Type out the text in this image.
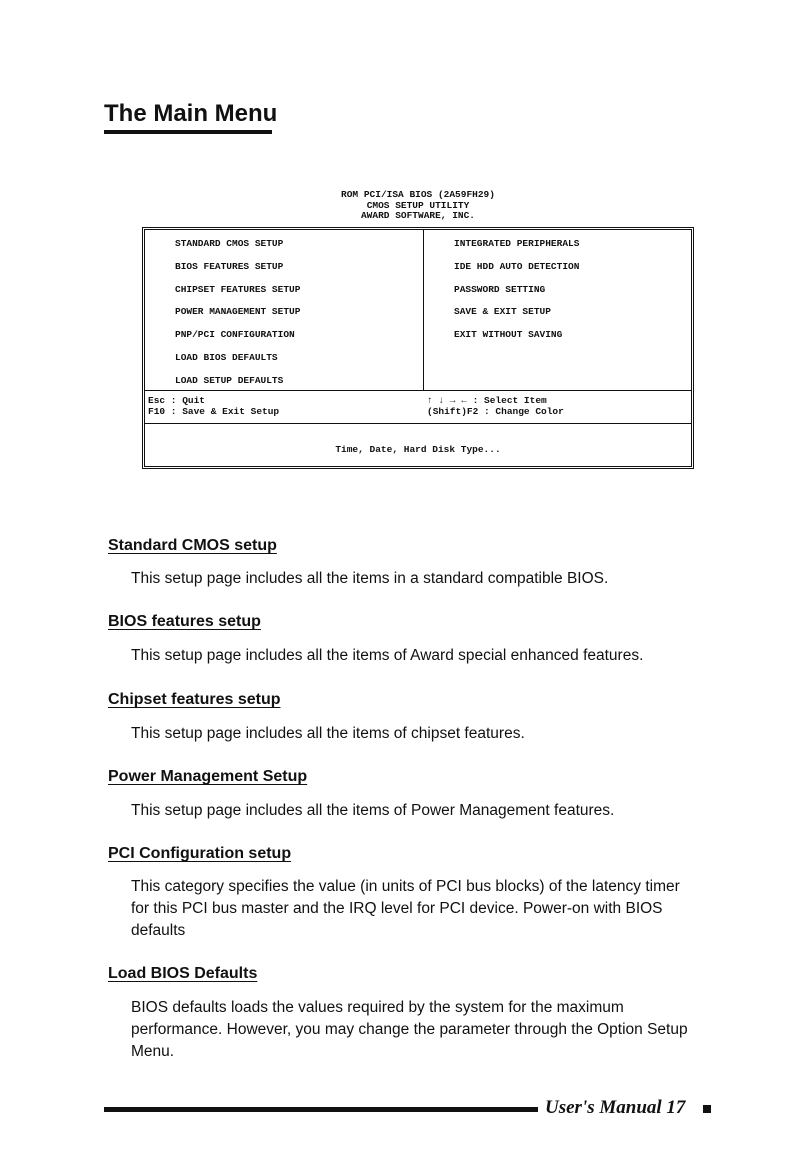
The Main Menu
ROM PCI/ISA BIOS (2A59FH29)
CMOS SETUP UTILITY
AWARD SOFTWARE, INC.
STANDARD CMOS SETUP
BIOS FEATURES SETUP
CHIPSET FEATURES SETUP
POWER MANAGEMENT SETUP
PNP/PCI CONFIGURATION
LOAD BIOS DEFAULTS
LOAD SETUP DEFAULTS
INTEGRATED PERIPHERALS
IDE HDD AUTO DETECTION
PASSWORD SETTING
SAVE & EXIT SETUP
EXIT WITHOUT SAVING
Esc : Quit
F10 : Save & Exit Setup
↑ ↓ → ← : Select Item
(Shift)F2 : Change Color
Time, Date, Hard Disk Type...
Standard CMOS setup
This setup page includes all the items in a standard compatible BIOS.
BIOS features setup
This setup page includes all the items of Award special enhanced features.
Chipset features setup
This setup page includes all the items of chipset features.
Power Management Setup
This setup page includes all the items of Power Management features.
PCI Configuration setup
This category specifies the value (in units of PCI bus blocks) of the latency timer for this PCI bus master and the IRQ level for PCI device. Power-on with BIOS defaults
Load BIOS Defaults
BIOS defaults loads the values required by the system for the maximum performance. However, you may change the parameter through the Option Setup Menu.
User's Manual 17
